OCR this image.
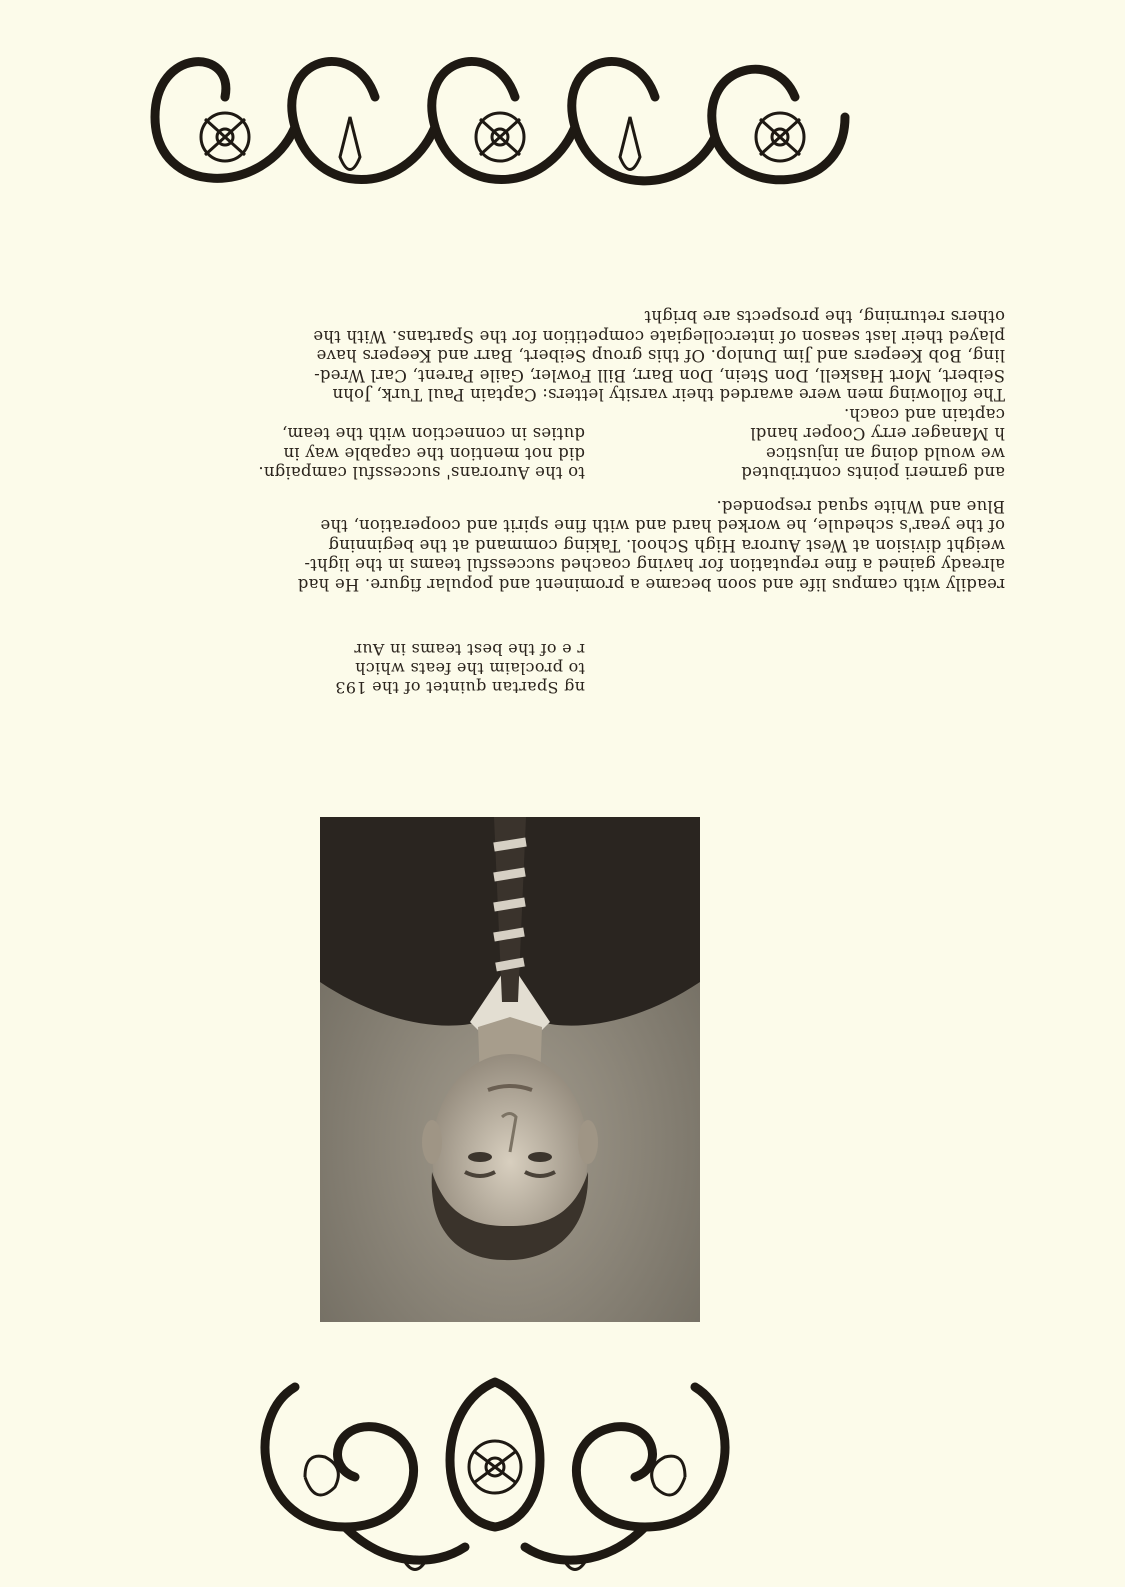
ng Spartan quintet of the 193
to proclaim the feats which
r e of the best teams in Aur
readily with campus life and soon became a prominent and popular figure. He had
already gained a fine reputation for having coached successful teams in the light-
weight division at West Aurora High School. Taking command at the beginning
of the year's schedule, he worked hard and with fine spirit and cooperation, the
Blue and White squad responded.
and garneri points contributed
to the Aurorans' successful campaign.
we would doing an injustice
did not mention the capable way in
h Manager erry Cooper handl
duties in connection with the team,
captain and coach.
The following men were awarded their varsity letters: Captain Paul Turk, John
Seibert, Mort Haskell, Don Stein, Don Barr, Bill Fowler, Gaile Parent, Carl Wred-
ling, Bob Keepers and Jim Dunlop. Of this group Seibert, Barr and Keepers have
played their last season of intercollegiate competition for the Spartans. With the
others returning, the prospects are bright
